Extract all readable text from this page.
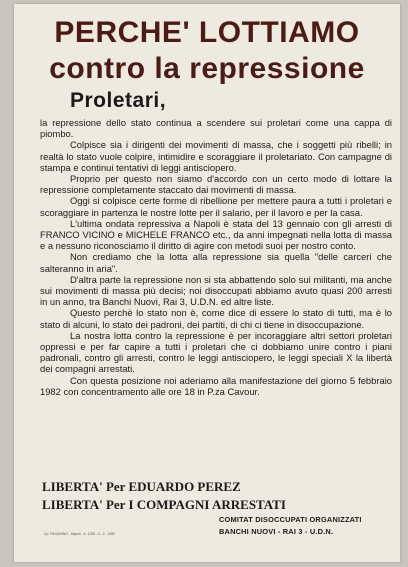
PERCHE' LOTTIAMO
contro la repressione
Proletari,

la repressione dello stato continua a scendere sui proletari come una cappa di piombo.

Colpisce sia i dirigenti dei movimenti di massa, che i soggetti più ribelli; in realtà lo stato vuole colpire, intimidire e scoraggiare il proletariato. Con campagne di stampa e continui tentativi di leggi antisciopero.

Proprio per questo non siamo d'accordo con un certo modo di lottare la repressione completamente staccato dai movimenti di massa.

Oggi si colpisce certe forme di ribellione per mettere paura a tutti i proletari e scoraggiare in partenza le nostre lotte per il salario, per il lavoro e per la casa.

L'ultima ondata repressiva a Napoli è stata del 13 gennaio con gli arresti di FRANCO VICINO e MICHELE FRANCO etc., da anni impegnati nella lotta di massa e a nessuno riconosciamo il diritto di agire con metodi suoi per nostro conto.

Non crediamo che la lotta alla repressione sia quella "delle carceri che salteranno in aria".

D'altra parte la repressione non si sta abbattendo solo sui militanti, ma anche sui movimenti di massa più decisi; noi disoccupati abbiamo avuto quasi 200 arresti in un anno, tra Banchi Nuovi, Rai 3, U.D.N. ed altre liste.

Questo perchè lo stato non è, come dice di essere lo stato di tutti, ma è lo stato di alcuni, lo stato dei padroni, dei partiti, di chi ci tiene in disoccupazione.

La nostra lotta contro la repressione è per incoraggiare altri settori proletari oppressi e per far capire a tutti i proletari che ci dobbiamo unire contro i piani padronali, contro gli arresti, contro le leggi antisciopero, le leggi speciali X la libertà dei compagni arrestati.

Con questa posizione noi aderiamo alla manifestazione del giorno 5 febbraio 1982 con concentramento alle ore 18 in P.za Cavour.

LIBERTA' Per EDUARDO PEREZ
LIBERTA' Per I COMPAGNI ARRESTATI
COMITAT DISOCCUPATI ORGANIZZATI
BANCHI NUOVI - RAI 3 - U.D.N.
Cp. PAGANINO - Napoli - A. 1158 - 4 - 2 - 1982
